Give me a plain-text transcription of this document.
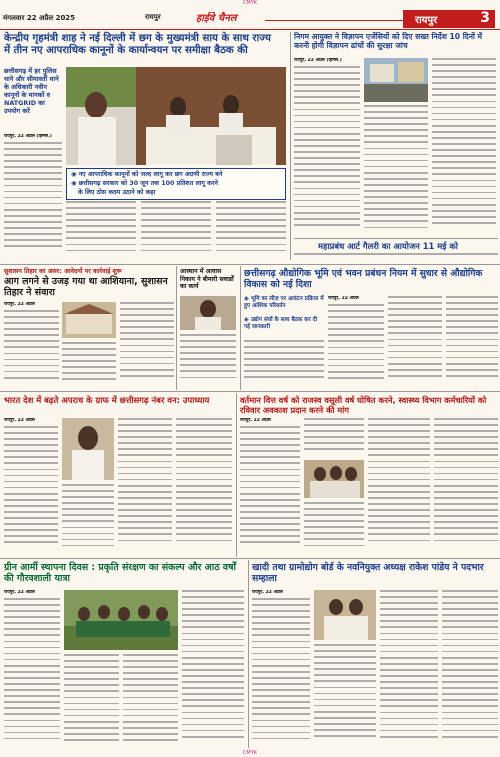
CMYK
मंगलवार 22 अप्रैल 2025	रायपुर	हाईवे चैनल	रायपुर	3
केन्द्रीय गृहमंत्री शाह ने नई दिल्ली में छग के मुख्यमंत्री साय के साथ राज्य
में तीन नए आपराधिक कानूनों के कार्यान्वयन पर समीक्षा बैठक की
छत्तीसगढ़ में हर पुलिस थाने और सीमावर्ती थाने के अधिकारी नवीन कानूनों के मानकों व NATGRID का उपयोग करें

रायपुर, 22 अप्रैल (हिमस.)

◉ नए आपराधिक कानूनों को जल्द लागू कर छग अग्रणी राज्य बने
◉ छत्तीसगढ़ सरकार को 30 जून तक 100 प्रतिशत लागू करने
के लिए ठोस कदम उठाने को कहा
निगम आयुक्त ने विज्ञापन एजेंसियों को दिए सख्त निर्देश 10 दिनों में करनी होगी विज्ञापन ढांचों की सुरक्षा जांच
रायपुर, 22 अप्रैल (हिमस.)
महाप्रबंध आर्ट गैलरी का आयोजन 11 मई को
सुशासन तिहार का असर: आवेदनों पर कार्रवाई शुरू
आग लगने से उजड़ गया था आशियाना, सुशासन तिहार ने संवारा
रायपुर, 22 अप्रैल
आस्थान में आवास निकाय ने बीमारी सवार्डों का कार्य
छत्तीसगढ़ औद्योगिक भूमि एवं भवन प्रबंधन नियम में सुधार से औद्योगिक विकास को नई दिशा
◉ भूमि का लीज़ पर आवंटन प्रक्रिया में हुए आंशिक परिवर्तन
◉ उद्योग संघों के साथ बैठक कर दी गई जानकारी
रायपुर, 22 अप्रैल
भारत देश में बढ़ते अपराध के ग्राफ में छत्तीसगढ़ नंबर वन: उपाध्याय
रायपुर, 22 अप्रैल
वर्तमान वित्त वर्ष को राजस्व वसूली वर्ष घोषित करने, स्वास्थ्य विभाग कर्मचारियों को रविवार अवकाश प्रदान करने की मांग
रायपुर, 22 अप्रैल
ग्रीन आर्मी स्थापना दिवस : प्रकृति संरक्षण का संकल्प और आठ वर्षों की गौरवशाली यात्रा
रायपुर, 22 अप्रैल
खादी तथा ग्रामोद्योग बोर्ड के नवनियुक्त अध्यक्ष राकेश पांडेय ने पदभार सम्हाला
रायपुर, 22 अप्रैल
CMYK
